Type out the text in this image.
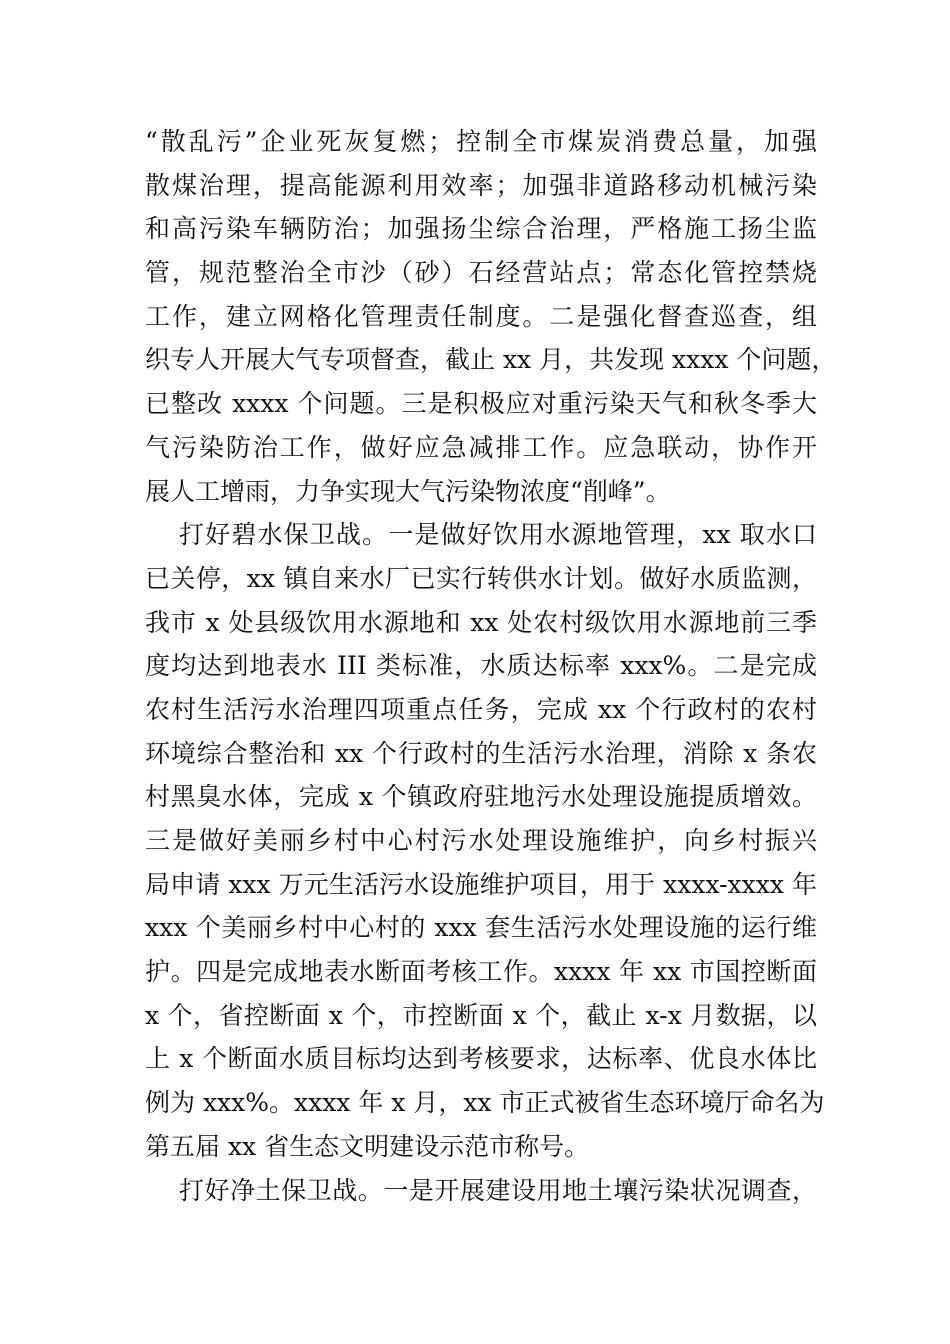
“散乱污”企业死灰复燃；控制全市煤炭消费总量，加强
散煤治理，提高能源利用效率；加强非道路移动机械污染
和高污染车辆防治；加强扬尘综合治理，严格施工扬尘监
管，规范整治全市沙（砂）石经营站点；常态化管控禁烧
工作，建立网格化管理责任制度。二是强化督查巡查，组
织专人开展大气专项督查，截止 xx 月，共发现 xxxx 个问题，
已整改 xxxx 个问题。三是积极应对重污染天气和秋冬季大
气污染防治工作，做好应急减排工作。应急联动，协作开
展人工增雨，力争实现大气污染物浓度“削峰”。
打好碧水保卫战。一是做好饮用水源地管理，xx 取水口
已关停，xx 镇自来水厂已实行转供水计划。做好水质监测，
我市 x 处县级饮用水源地和 xx 处农村级饮用水源地前三季
度均达到地表水 III 类标准，水质达标率 xxx%。二是完成
农村生活污水治理四项重点任务，完成 xx 个行政村的农村
环境综合整治和 xx 个行政村的生活污水治理，消除 x 条农
村黑臭水体，完成 x 个镇政府驻地污水处理设施提质增效。
三是做好美丽乡村中心村污水处理设施维护，向乡村振兴
局申请 xxx 万元生活污水设施维护项目，用于 xxxx-xxxx 年
xxx 个美丽乡村中心村的 xxx 套生活污水处理设施的运行维
护。四是完成地表水断面考核工作。xxxx 年 xx 市国控断面
x 个，省控断面 x 个，市控断面 x 个，截止 x-x 月数据，以
上 x 个断面水质目标均达到考核要求，达标率、优良水体比
例为 xxx%。xxxx 年 x 月，xx 市正式被省生态环境厅命名为
第五届 xx 省生态文明建设示范市称号。
打好净土保卫战。一是开展建设用地土壤污染状况调查，
